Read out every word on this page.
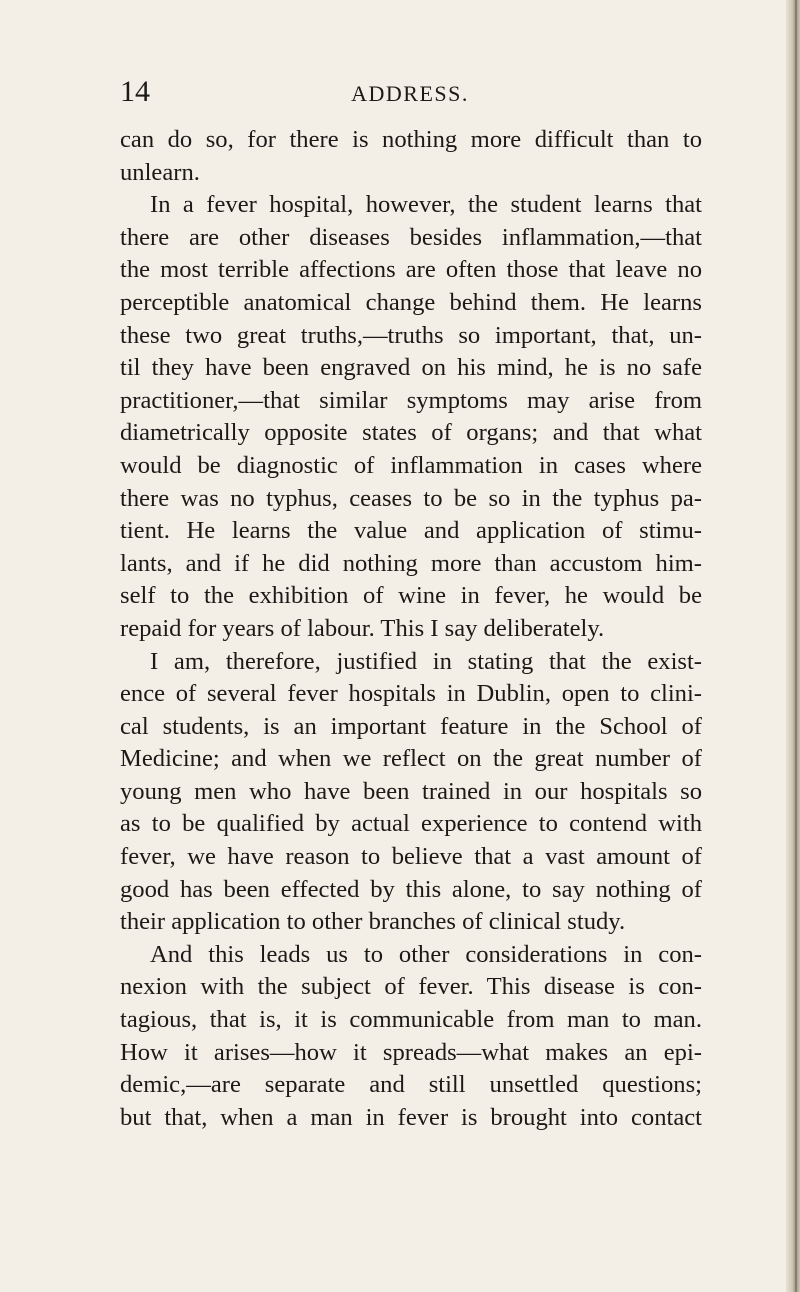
14	ADDRESS.
can do so, for there is nothing more difficult than to
unlearn.
In a fever hospital, however, the student learns that
there are other diseases besides inflammation,—that
the most terrible affections are often those that leave no
perceptible anatomical change behind them. He learns
these two great truths,—truths so important, that, un-
til they have been engraved on his mind, he is no safe
practitioner,—that similar symptoms may arise from
diametrically opposite states of organs; and that what
would be diagnostic of inflammation in cases where
there was no typhus, ceases to be so in the typhus pa-
tient. He learns the value and application of stimu-
lants, and if he did nothing more than accustom him-
self to the exhibition of wine in fever, he would be
repaid for years of labour. This I say deliberately.
I am, therefore, justified in stating that the exist-
ence of several fever hospitals in Dublin, open to clini-
cal students, is an important feature in the School of
Medicine; and when we reflect on the great number of
young men who have been trained in our hospitals so
as to be qualified by actual experience to contend with
fever, we have reason to believe that a vast amount of
good has been effected by this alone, to say nothing of
their application to other branches of clinical study.
And this leads us to other considerations in con-
nexion with the subject of fever. This disease is con-
tagious, that is, it is communicable from man to man.
How it arises—how it spreads—what makes an epi-
demic,—are separate and still unsettled questions;
but that, when a man in fever is brought into contact
